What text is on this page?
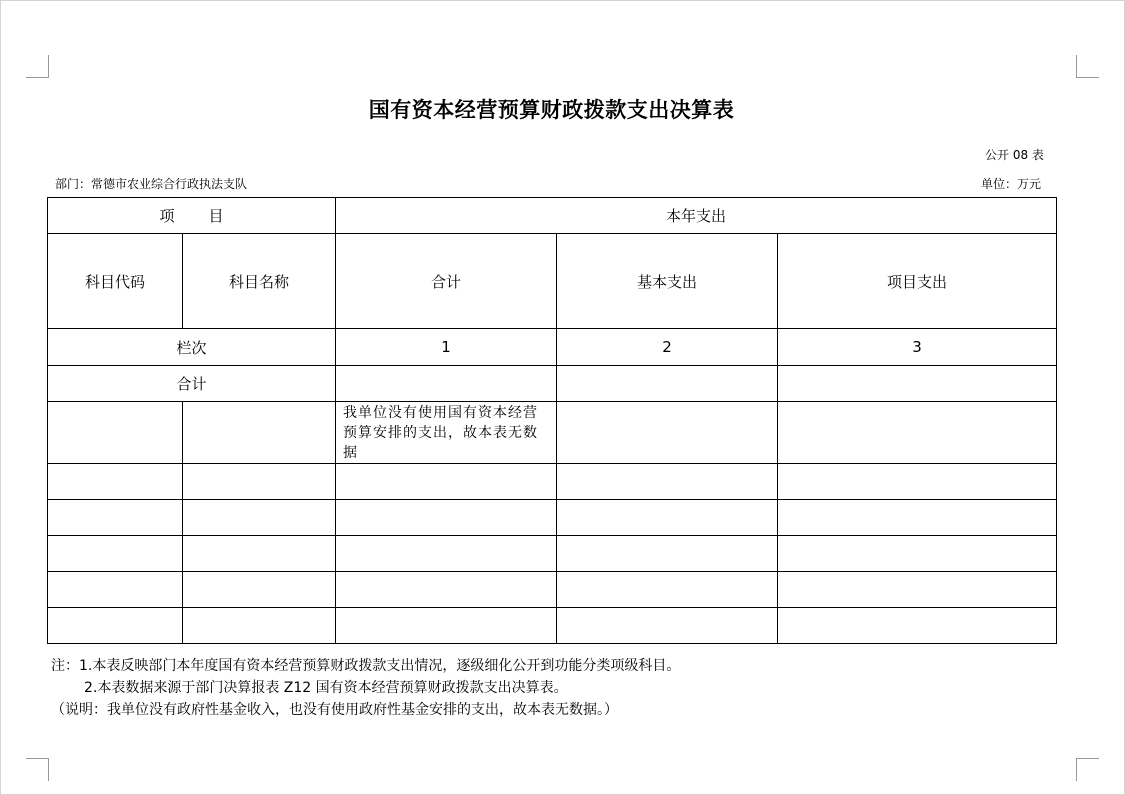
国有资本经营预算财政拨款支出决算表
公开 08 表
部门：常德市农业综合行政执法支队	单位：万元
项 目		本年支出		
科目代码	科目名称	合计	基本支出	项目支出
栏次		1	2	3
合计				
		我单位没有使用国有资本经营预算安排的支出，故本表无数据		

注：1.本表反映部门本年度国有资本经营预算财政拨款支出情况，逐级细化公开到功能分类项级科目。
2.本表数据来源于部门决算报表 Z12 国有资本经营预算财政拨款支出决算表。
（说明：我单位没有政府性基金收入，也没有使用政府性基金安排的支出，故本表无数据。）
